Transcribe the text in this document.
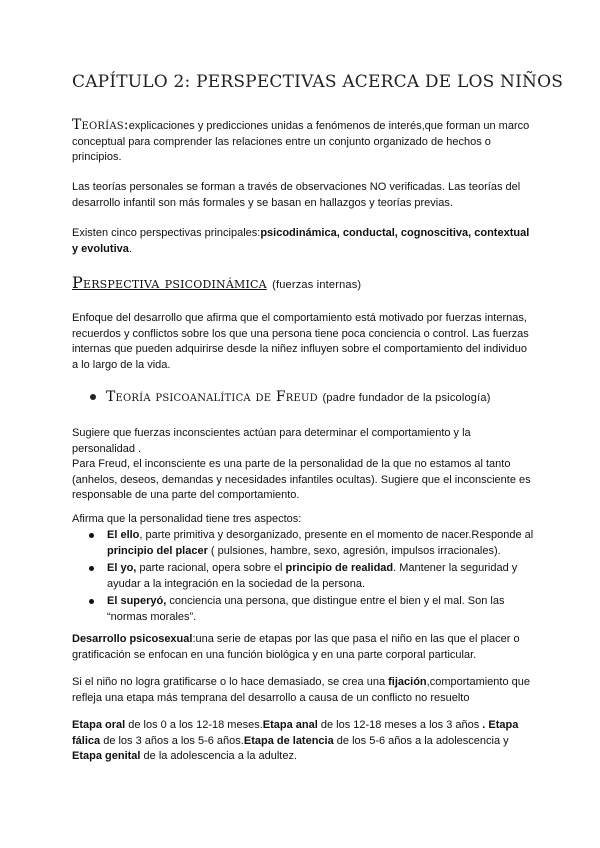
CAPÍTULO 2: PERSPECTIVAS ACERCA DE LOS NIÑOS
Teorías:explicaciones y predicciones unidas a fenómenos de interés,que forman un marco conceptual para comprender las relaciones entre un conjunto organizado de hechos o principios.
Las teorías personales se forman a través de observaciones NO verificadas. Las teorías del desarrollo infantil son más formales y se basan en hallazgos y teorías previas.
Existen cinco perspectivas principales:psicodinámica, conductal, cognoscitiva, contextual y evolutiva.
Perspectiva psicodinámica (fuerzas internas)
Enfoque del desarrollo que afirma que el comportamiento está motivado por fuerzas internas, recuerdos y conflictos sobre los que una persona tiene poca conciencia o control. Las fuerzas internas que pueden adquirirse desde la niñez influyen sobre el comportamiento del individuo a lo largo de la vida.
Teoría psicoanalítica de Freud (padre fundador de la psicología)
Sugiere que fuerzas inconscientes actúan para determinar el comportamiento y la personalidad .
Para Freud, el inconsciente es una parte de la personalidad de la que no estamos al tanto (anhelos, deseos, demandas y necesidades infantiles ocultas). Sugiere que el inconsciente es responsable de una parte del comportamiento.
Afirma que la personalidad tiene tres aspectos:
El ello, parte primitiva y desorganizado, presente en el momento de nacer.Responde al principio del placer ( pulsiones, hambre, sexo, agresión, impulsos irracionales).
El yo, parte racional, opera sobre el principio de realidad. Mantener la seguridad y ayudar a la integración en la sociedad de la persona.
El superyó, conciencia una persona, que distingue entre el bien y el mal. Son las “normas morales”.
Desarrollo psicosexual:una serie de etapas por las que pasa el niño en las que el placer o gratificación se enfocan en una función biológica y en una parte corporal particular.
Si el niño no logra gratificarse o lo hace demasiado, se crea una fijación,comportamiento que refleja una etapa más temprana del desarrollo a causa de un conflicto no resuelto
Etapa oral de los 0 a los 12-18 meses.Etapa anal de los 12-18 meses a los 3 años . Etapa fálica de los 3 años a los 5-6 años.Etapa de latencia de los 5-6 años a la adolescencia y Etapa genital de la adolescencia a la adultez.
